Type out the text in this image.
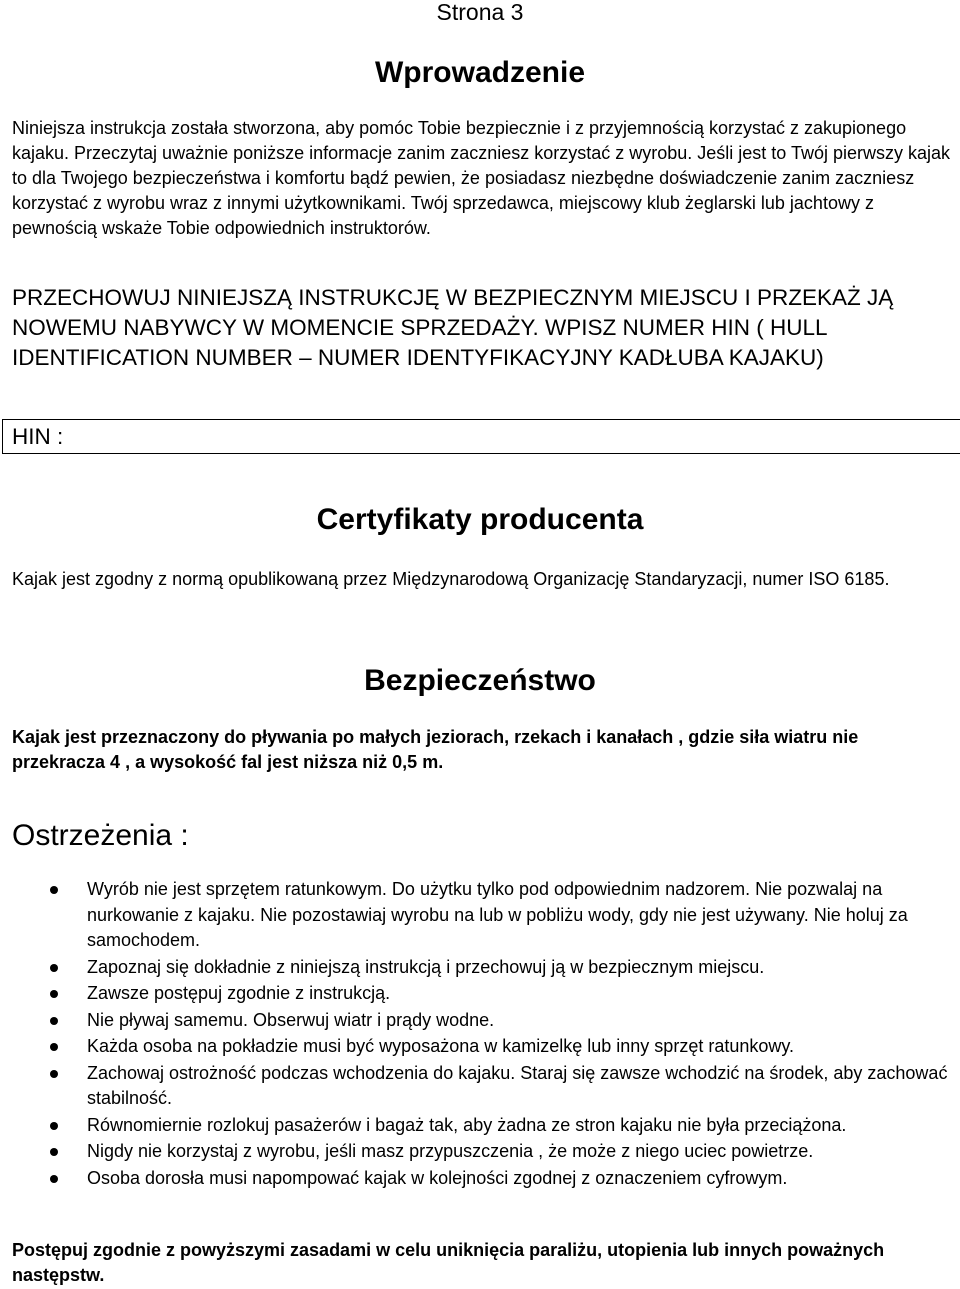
Strona 3
Wprowadzenie
Niniejsza instrukcja została stworzona, aby pomóc Tobie bezpiecznie i z przyjemnością korzystać z zakupionego kajaku. Przeczytaj uważnie poniższe informacje zanim zaczniesz korzystać z wyrobu. Jeśli jest to Twój pierwszy kajak to dla Twojego bezpieczeństwa i komfortu bądź pewien, że posiadasz niezbędne doświadczenie zanim zaczniesz korzystać z wyrobu wraz z innymi użytkownikami. Twój sprzedawca, miejscowy klub żeglarski lub jachtowy z pewnością wskaże Tobie odpowiednich instruktorów.
PRZECHOWUJ NINIEJSZĄ INSTRUKCJĘ W BEZPIECZNYM MIEJSCU I PRZEKAŻ JĄ NOWEMU NABYWCY W MOMENCIE SPRZEDAŻY. WPISZ NUMER HIN ( HULL IDENTIFICATION NUMBER – NUMER IDENTYFIKACYJNY KADŁUBA KAJAKU)
HIN :
Certyfikaty producenta
Kajak jest zgodny z normą opublikowaną przez Międzynarodową Organizację Standaryzacji, numer ISO 6185.
Bezpieczeństwo
Kajak jest przeznaczony do pływania po małych jeziorach, rzekach i kanałach , gdzie siła wiatru nie przekracza 4 , a wysokość fal jest niższa niż 0,5 m.
Ostrzeżenia :
Wyrób nie jest sprzętem ratunkowym. Do użytku tylko pod odpowiednim nadzorem. Nie pozwalaj na nurkowanie z kajaku. Nie pozostawiaj wyrobu na lub w pobliżu wody, gdy nie jest używany. Nie holuj za samochodem.
Zapoznaj się dokładnie z niniejszą instrukcją i przechowuj ją w bezpiecznym miejscu.
Zawsze postępuj zgodnie z instrukcją.
Nie pływaj samemu. Obserwuj wiatr i prądy wodne.
Każda osoba na pokładzie musi być wyposażona w kamizelkę lub inny sprzęt ratunkowy.
Zachowaj ostrożność podczas wchodzenia do kajaku. Staraj się zawsze wchodzić na środek, aby zachować stabilność.
Równomiernie rozlokuj pasażerów i bagaż tak, aby żadna ze stron kajaku nie była przeciążona.
Nigdy nie korzystaj z wyrobu, jeśli masz przypuszczenia , że może z niego uciec powietrze.
Osoba dorosła musi napompować kajak w kolejności zgodnej z oznaczeniem cyfrowym.
Postępuj zgodnie z powyższymi zasadami w celu uniknięcia paraliżu, utopienia lub innych poważnych następstw.
